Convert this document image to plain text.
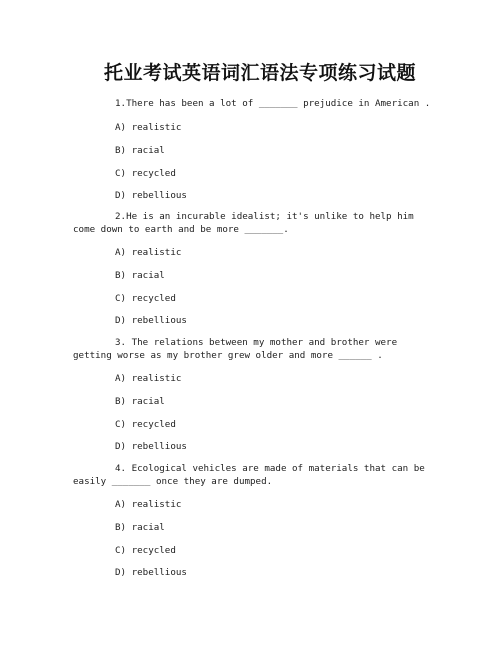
托业考试英语词汇语法专项练习试题
1.There has been a lot of _______ prejudice in American .
A) realistic
B) racial
C) recycled
D) rebellious
2.He is an incurable idealist; it's unlike to help him come down to earth and be more _______.
A) realistic
B) racial
C) recycled
D) rebellious
3. The relations between my mother and brother were getting worse as my brother grew older and more ______ .
A) realistic
B) racial
C) recycled
D) rebellious
4. Ecological vehicles are made of materials that can be easily _______ once they are dumped.
A) realistic
B) racial
C) recycled
D) rebellious
